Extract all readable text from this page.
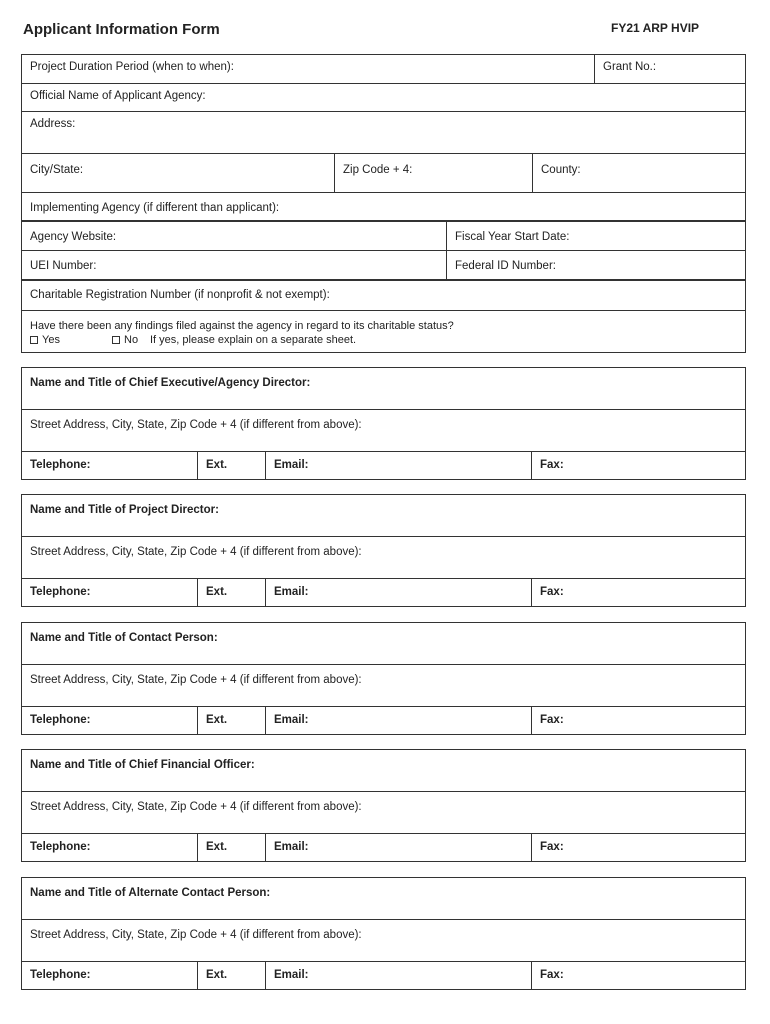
Applicant Information Form	FY21 ARP HVIP
Project Duration Period (when to when):	Grant No.:
Official Name of Applicant Agency:
Address:
City/State:	Zip Code + 4:	County:
Implementing Agency (if different than applicant):
Agency Website:	Fiscal Year Start Date:
UEI Number:	Federal ID Number:
Charitable Registration Number (if nonprofit & not exempt):
Have there been any findings filed against the agency in regard to its charitable status?
Yes	No	If yes, please explain on a separate sheet.
Name and Title of Chief Executive/Agency Director:
Street Address, City, State, Zip Code + 4 (if different from above):
Telephone:	Ext.	Email:	Fax:
Name and Title of Project Director:
Street Address, City, State, Zip Code + 4 (if different from above):
Telephone:	Ext.	Email:	Fax:
Name and Title of Contact Person:
Street Address, City, State, Zip Code + 4 (if different from above):
Telephone:	Ext.	Email:	Fax:
Name and Title of Chief Financial Officer:
Street Address, City, State, Zip Code + 4 (if different from above):
Telephone:	Ext.	Email:	Fax:
Name and Title of Alternate Contact Person:
Street Address, City, State, Zip Code + 4 (if different from above):
Telephone:	Ext.	Email:	Fax:
